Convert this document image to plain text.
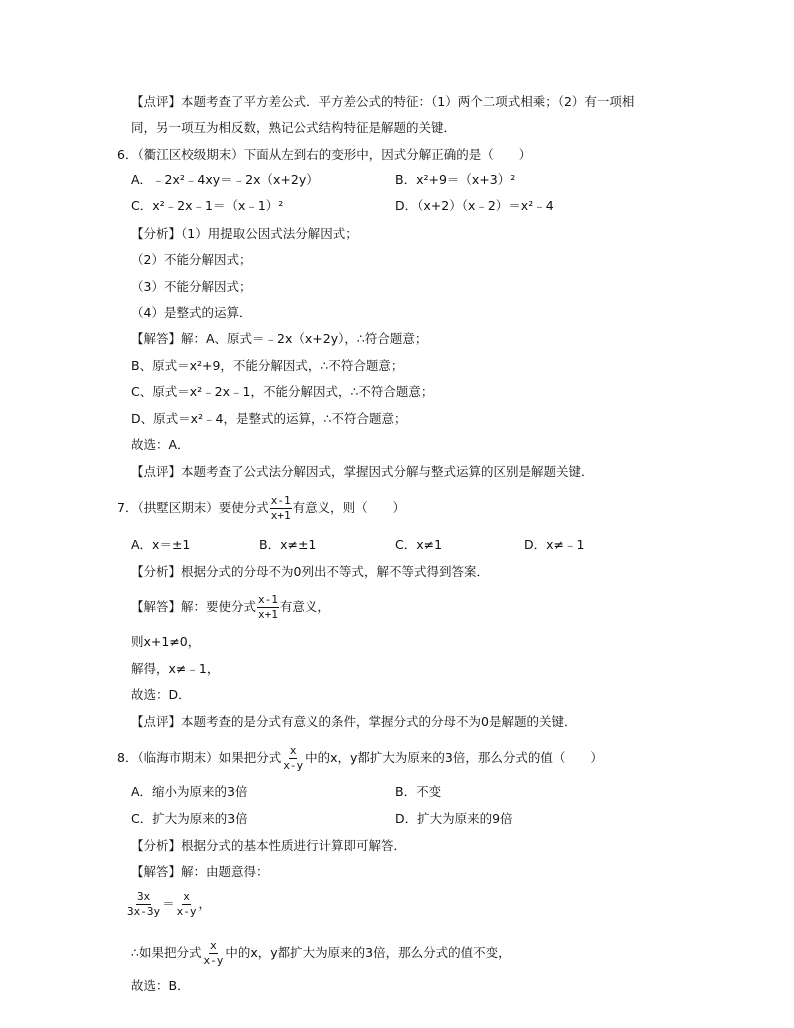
【点评】本题考查了平方差公式．平方差公式的特征：（1）两个二项式相乘；（2）有一项相
同，另一项互为相反数，熟记公式结构特征是解题的关键．
6．（衢江区校级期末）下面从左到右的变形中，因式分解正确的是（　　）
A．﹣2x²﹣4xy＝﹣2x（x+2y）	B．x²+9＝（x+3）²
C．x²﹣2x﹣1＝（x﹣1）²	D．（x+2）（x﹣2）＝x²﹣4
【分析】（1）用提取公因式法分解因式；
（2）不能分解因式；
（3）不能分解因式；
（4）是整式的运算．
【解答】解：A、原式＝﹣2x（x+2y），∴符合题意；
B、原式＝x²+9，不能分解因式，∴不符合题意；
C、原式＝x²﹣2x﹣1，不能分解因式，∴不符合题意；
D、原式＝x²﹣4，是整式的运算，∴不符合题意；
故选：A．
【点评】本题考查了公式法分解因式，掌握因式分解与整式运算的区别是解题关键．
7．（拱墅区期末）要使分式 $\frac{x-1}{x+1}$ 有意义，则（　　）
A．x＝±1	B．x≠±1	C．x≠1	D．x≠﹣1
【分析】根据分式的分母不为0列出不等式，解不等式得到答案．
【解答】解：要使分式 $\frac{x-1}{x+1}$ 有意义，
则x+1≠0，
解得，x≠﹣1，
故选：D．
【点评】本题考查的是分式有意义的条件，掌握分式的分母不为0是解题的关键．
8．（临海市期末）如果把分式 $\frac{x}{x-y}$ 中的x，y都扩大为原来的3倍，那么分式的值（　　）
A．缩小为原来的3倍	B．不变
C．扩大为原来的3倍	D．扩大为原来的9倍
【分析】根据分式的基本性质进行计算即可解答．
【解答】解：由题意得：
$\frac{3x}{3x-3y} = \frac{x}{x-y}$ ，
∴如果把分式 $\frac{x}{x-y}$ 中的x，y都扩大为原来的3倍，那么分式的值不变，
故选：B．
